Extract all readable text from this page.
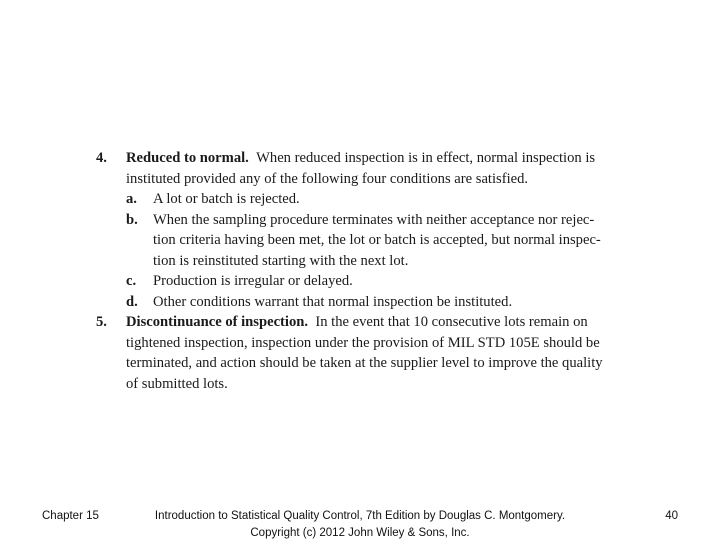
4. Reduced to normal. When reduced inspection is in effect, normal inspection is
instituted provided any of the following four conditions are satisfied.
a. A lot or batch is rejected.
b. When the sampling procedure terminates with neither acceptance nor rejec-
tion criteria having been met, the lot or batch is accepted, but normal inspec-
tion is reinstituted starting with the next lot.
c. Production is irregular or delayed.
d. Other conditions warrant that normal inspection be instituted.
5. Discontinuance of inspection. In the event that 10 consecutive lots remain on
tightened inspection, inspection under the provision of MIL STD 105E should be
terminated, and action should be taken at the supplier level to improve the quality
of submitted lots.
Chapter 15	Introduction to Statistical Quality Control, 7th Edition by Douglas C. Montgomery.
Copyright (c) 2012 John Wiley & Sons, Inc.
40
